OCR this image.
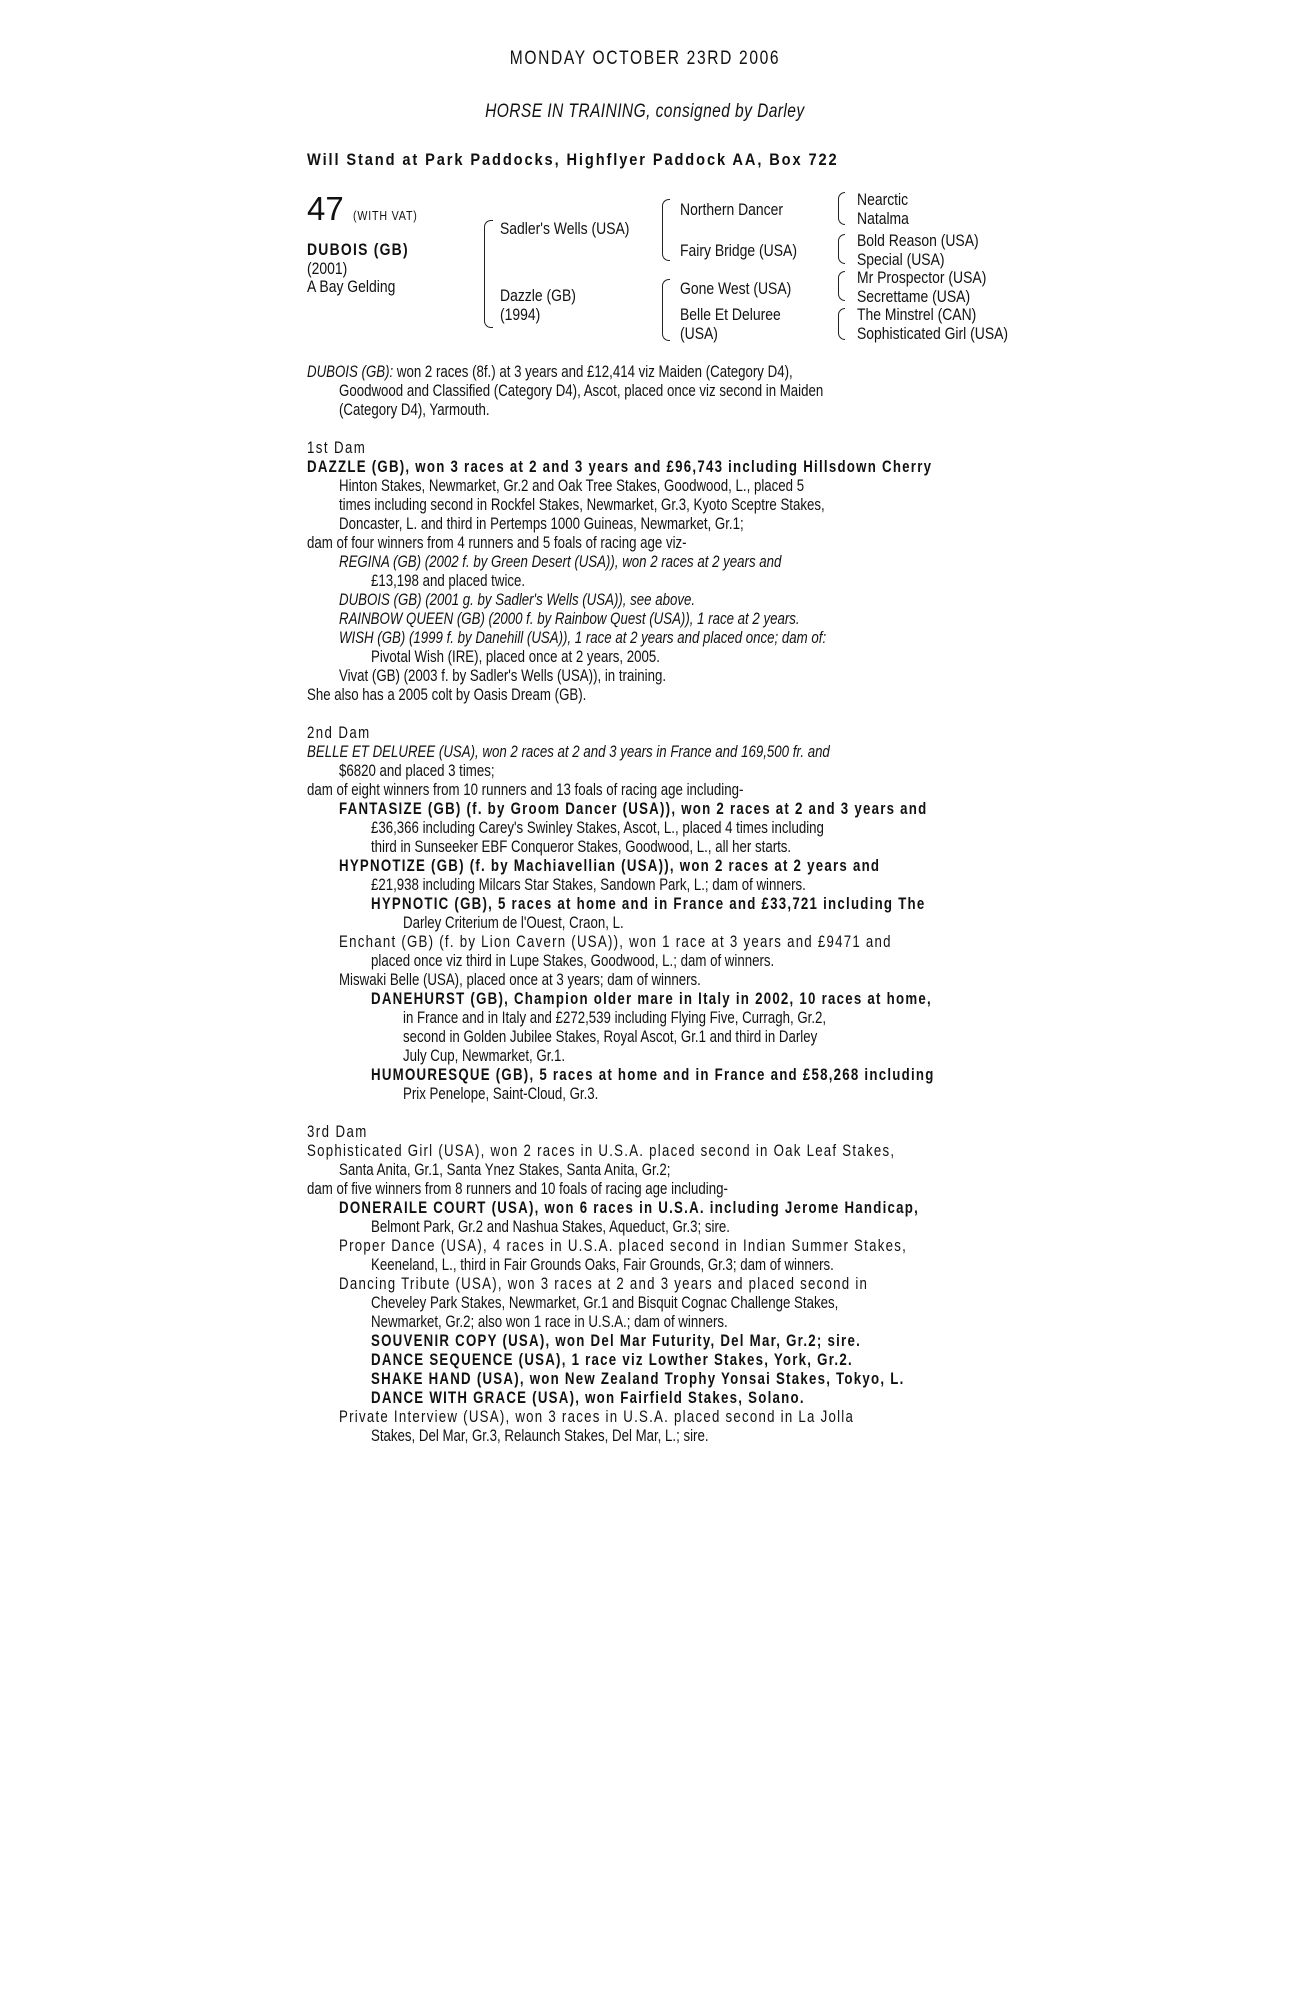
MONDAY OCTOBER 23RD 2006
HORSE IN TRAINING, consigned by Darley
Will Stand at Park Paddocks, Highflyer Paddock AA, Box 722
47 (WITH VAT)
DUBOIS (GB)
(2001)
A Bay Gelding
Sadler's Wells (USA)
Dazzle (GB)
(1994)
Northern Dancer
Fairy Bridge (USA)
Gone West (USA)
Belle Et Deluree
(USA)
Nearctic
Natalma
Bold Reason (USA)
Special (USA)
Mr Prospector (USA)
Secrettame (USA)
The Minstrel (CAN)
Sophisticated Girl (USA)
DUBOIS (GB): won 2 races (8f.) at 3 years and £12,414 viz Maiden (Category D4),
Goodwood and Classified (Category D4), Ascot, placed once viz second in Maiden
(Category D4), Yarmouth.
1st Dam
DAZZLE (GB), won 3 races at 2 and 3 years and £96,743 including Hillsdown Cherry
Hinton Stakes, Newmarket, Gr.2 and Oak Tree Stakes, Goodwood, L., placed 5
times including second in Rockfel Stakes, Newmarket, Gr.3, Kyoto Sceptre Stakes,
Doncaster, L. and third in Pertemps 1000 Guineas, Newmarket, Gr.1;
dam of four winners from 4 runners and 5 foals of racing age viz-
REGINA (GB) (2002 f. by Green Desert (USA)), won 2 races at 2 years and
£13,198 and placed twice.
DUBOIS (GB) (2001 g. by Sadler's Wells (USA)), see above.
RAINBOW QUEEN (GB) (2000 f. by Rainbow Quest (USA)), 1 race at 2 years.
WISH (GB) (1999 f. by Danehill (USA)), 1 race at 2 years and placed once; dam of:
Pivotal Wish (IRE), placed once at 2 years, 2005.
Vivat (GB) (2003 f. by Sadler's Wells (USA)), in training.
She also has a 2005 colt by Oasis Dream (GB).
2nd Dam
BELLE ET DELUREE (USA), won 2 races at 2 and 3 years in France and 169,500 fr. and
$6820 and placed 3 times;
dam of eight winners from 10 runners and 13 foals of racing age including-
FANTASIZE (GB) (f. by Groom Dancer (USA)), won 2 races at 2 and 3 years and
£36,366 including Carey's Swinley Stakes, Ascot, L., placed 4 times including
third in Sunseeker EBF Conqueror Stakes, Goodwood, L., all her starts.
HYPNOTIZE (GB) (f. by Machiavellian (USA)), won 2 races at 2 years and
£21,938 including Milcars Star Stakes, Sandown Park, L.; dam of winners.
HYPNOTIC (GB), 5 races at home and in France and £33,721 including The
Darley Criterium de l'Ouest, Craon, L.
Enchant (GB) (f. by Lion Cavern (USA)), won 1 race at 3 years and £9471 and
placed once viz third in Lupe Stakes, Goodwood, L.; dam of winners.
Miswaki Belle (USA), placed once at 3 years; dam of winners.
DANEHURST (GB), Champion older mare in Italy in 2002, 10 races at home,
in France and in Italy and £272,539 including Flying Five, Curragh, Gr.2,
second in Golden Jubilee Stakes, Royal Ascot, Gr.1 and third in Darley
July Cup, Newmarket, Gr.1.
HUMOURESQUE (GB), 5 races at home and in France and £58,268 including
Prix Penelope, Saint-Cloud, Gr.3.
3rd Dam
Sophisticated Girl (USA), won 2 races in U.S.A. placed second in Oak Leaf Stakes,
Santa Anita, Gr.1, Santa Ynez Stakes, Santa Anita, Gr.2;
dam of five winners from 8 runners and 10 foals of racing age including-
DONERAILE COURT (USA), won 6 races in U.S.A. including Jerome Handicap,
Belmont Park, Gr.2 and Nashua Stakes, Aqueduct, Gr.3; sire.
Proper Dance (USA), 4 races in U.S.A. placed second in Indian Summer Stakes,
Keeneland, L., third in Fair Grounds Oaks, Fair Grounds, Gr.3; dam of winners.
Dancing Tribute (USA), won 3 races at 2 and 3 years and placed second in
Cheveley Park Stakes, Newmarket, Gr.1 and Bisquit Cognac Challenge Stakes,
Newmarket, Gr.2; also won 1 race in U.S.A.; dam of winners.
SOUVENIR COPY (USA), won Del Mar Futurity, Del Mar, Gr.2; sire.
DANCE SEQUENCE (USA), 1 race viz Lowther Stakes, York, Gr.2.
SHAKE HAND (USA), won New Zealand Trophy Yonsai Stakes, Tokyo, L.
DANCE WITH GRACE (USA), won Fairfield Stakes, Solano.
Private Interview (USA), won 3 races in U.S.A. placed second in La Jolla
Stakes, Del Mar, Gr.3, Relaunch Stakes, Del Mar, L.; sire.
